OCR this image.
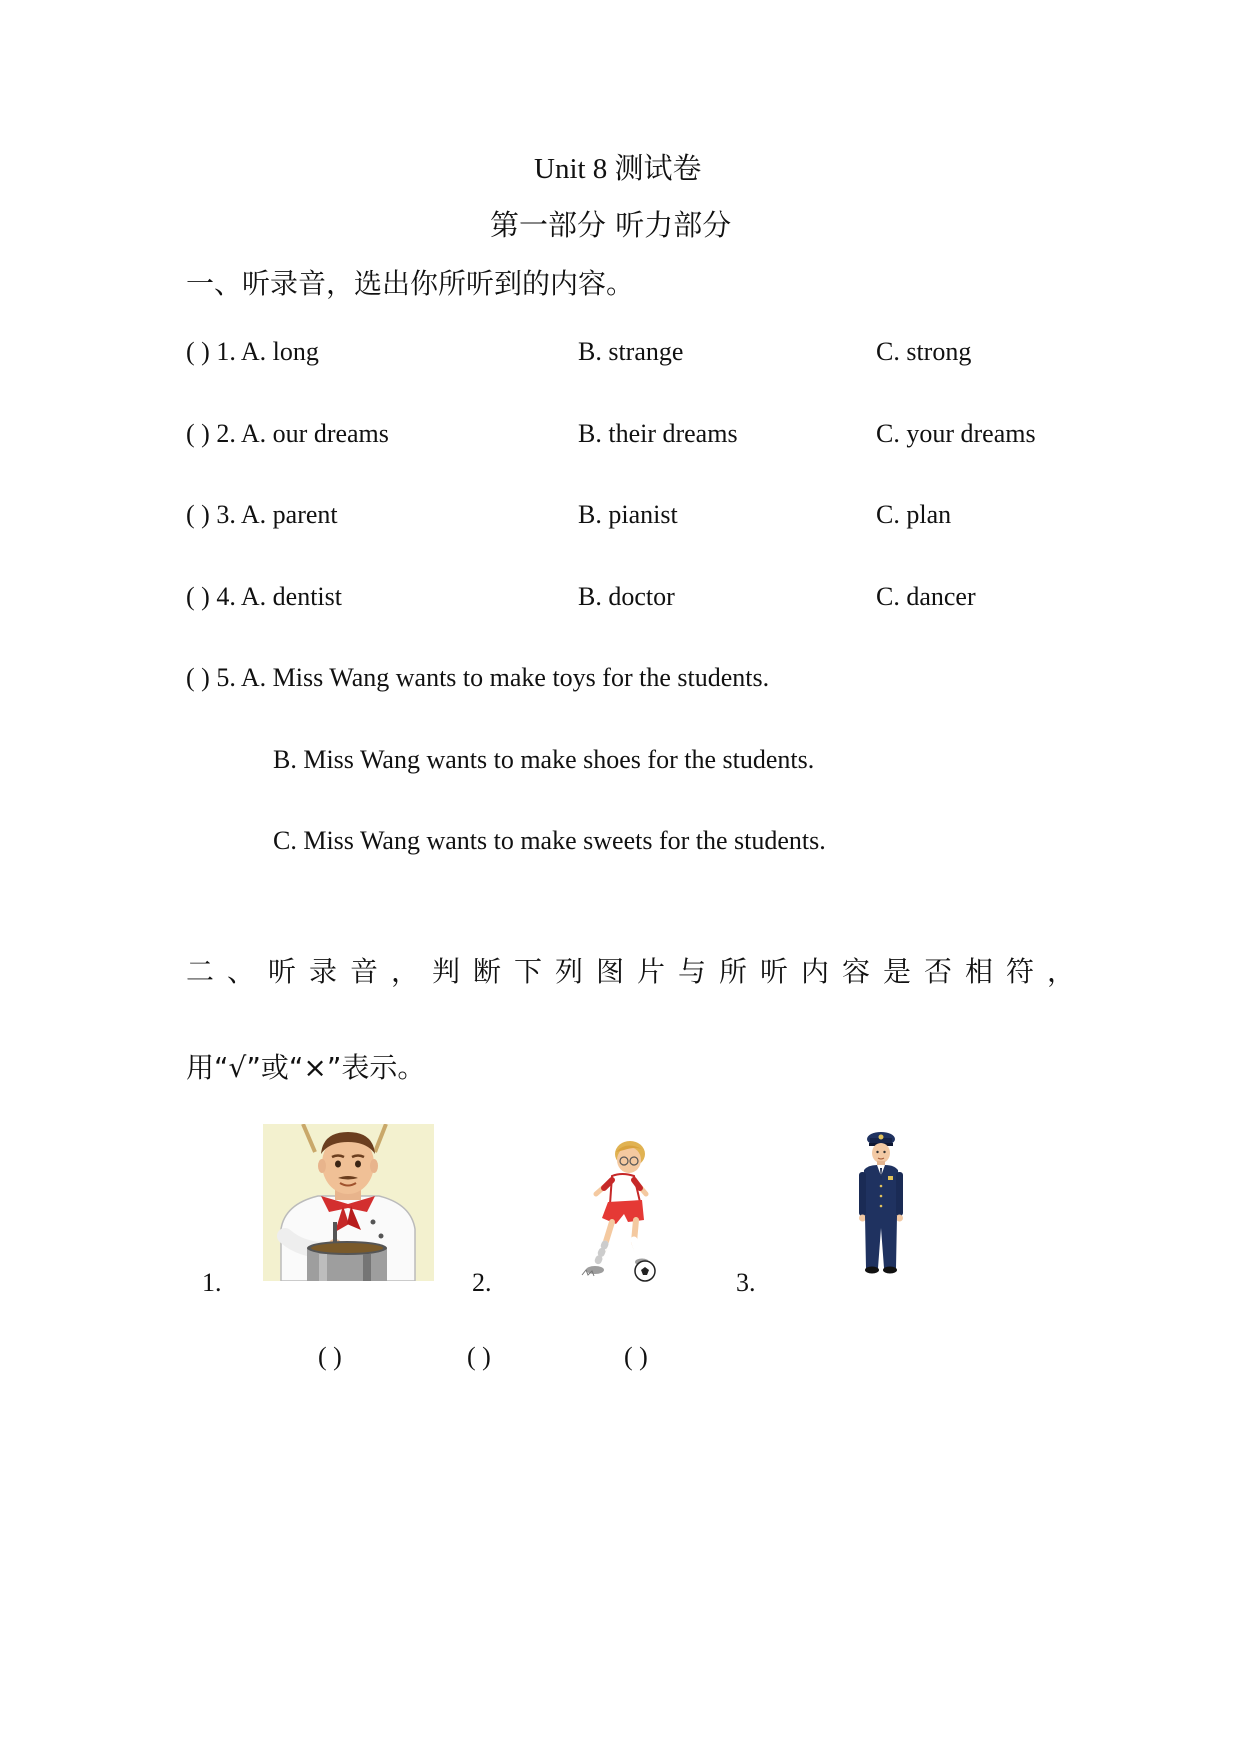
Unit 8 测试卷
第一部分 听力部分
一、听录音，选出你所听到的内容。
( ) 1. A. long	B. strange	C. strong
( ) 2. A. our dreams	B. their dreams	C. your dreams
( ) 3. A. parent	B. pianist	C. plan
( ) 4. A. dentist	B. doctor	C. dancer
( ) 5. A. Miss Wang wants to make toys for the students.
B. Miss Wang wants to make shoes for the students.
C. Miss Wang wants to make sweets for the students.
二、听录音，判断下列图片与所听内容是否相符，
用“√”或“×”表示。
1.	2.	3.
( )	( )	( )
